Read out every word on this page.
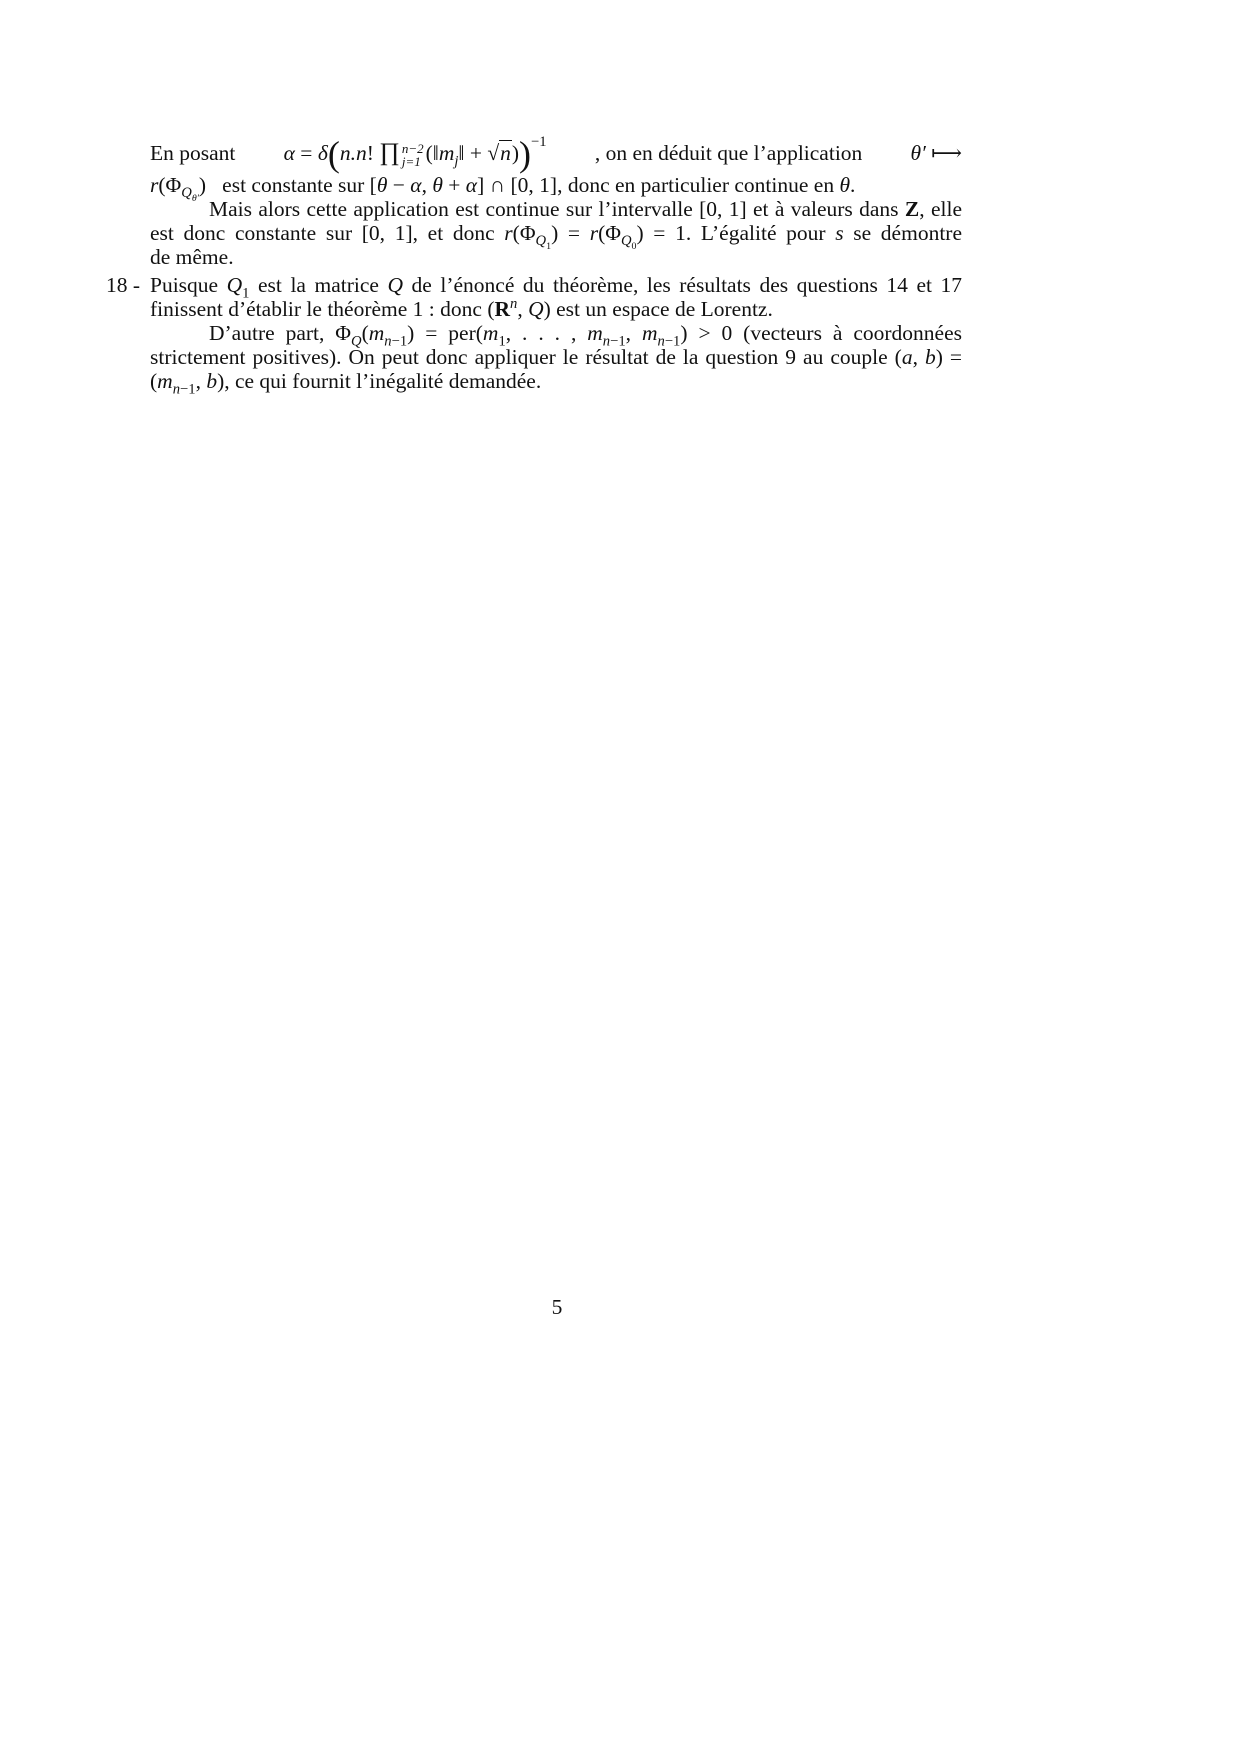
En posant α = δ(n.n! ∏ n−2
j=1 $(‖m_j‖ + √n))^{-1}$ , on en déduit que l’application θ′ ⟼
$r(\Phi_{Q_{\theta'}})$   est constante sur [θ − α, θ + α] ∩ [0, 1], donc en particulier continue en θ.
Mais alors cette application est continue sur l’intervalle [0, 1] et à valeurs dans Z, elle
est donc constante sur [0, 1], et donc $r(\Phi_{Q_1}) = r(\Phi_{Q_0}) = 1$. L’égalité pour s se démontre
de même.
18 - Puisque $Q_1$ est la matrice Q de l’énoncé du théorème, les résultats des questions 14 et 17
finissent d’établir le théorème 1 : donc ($R^n$, Q) est un espace de Lorentz.
D’autre part, $\Phi_Q(m_{n-1}) = per(m_1$, . . . , $m_{n-1}$, $m_{n-1}) > 0$ (vecteurs à coordonnées
strictement positives). On peut donc appliquer le résultat de la question 9 au couple (a, b) =
($m_{n-1}$, b), ce qui fournit l’inégalité demandée.
5
